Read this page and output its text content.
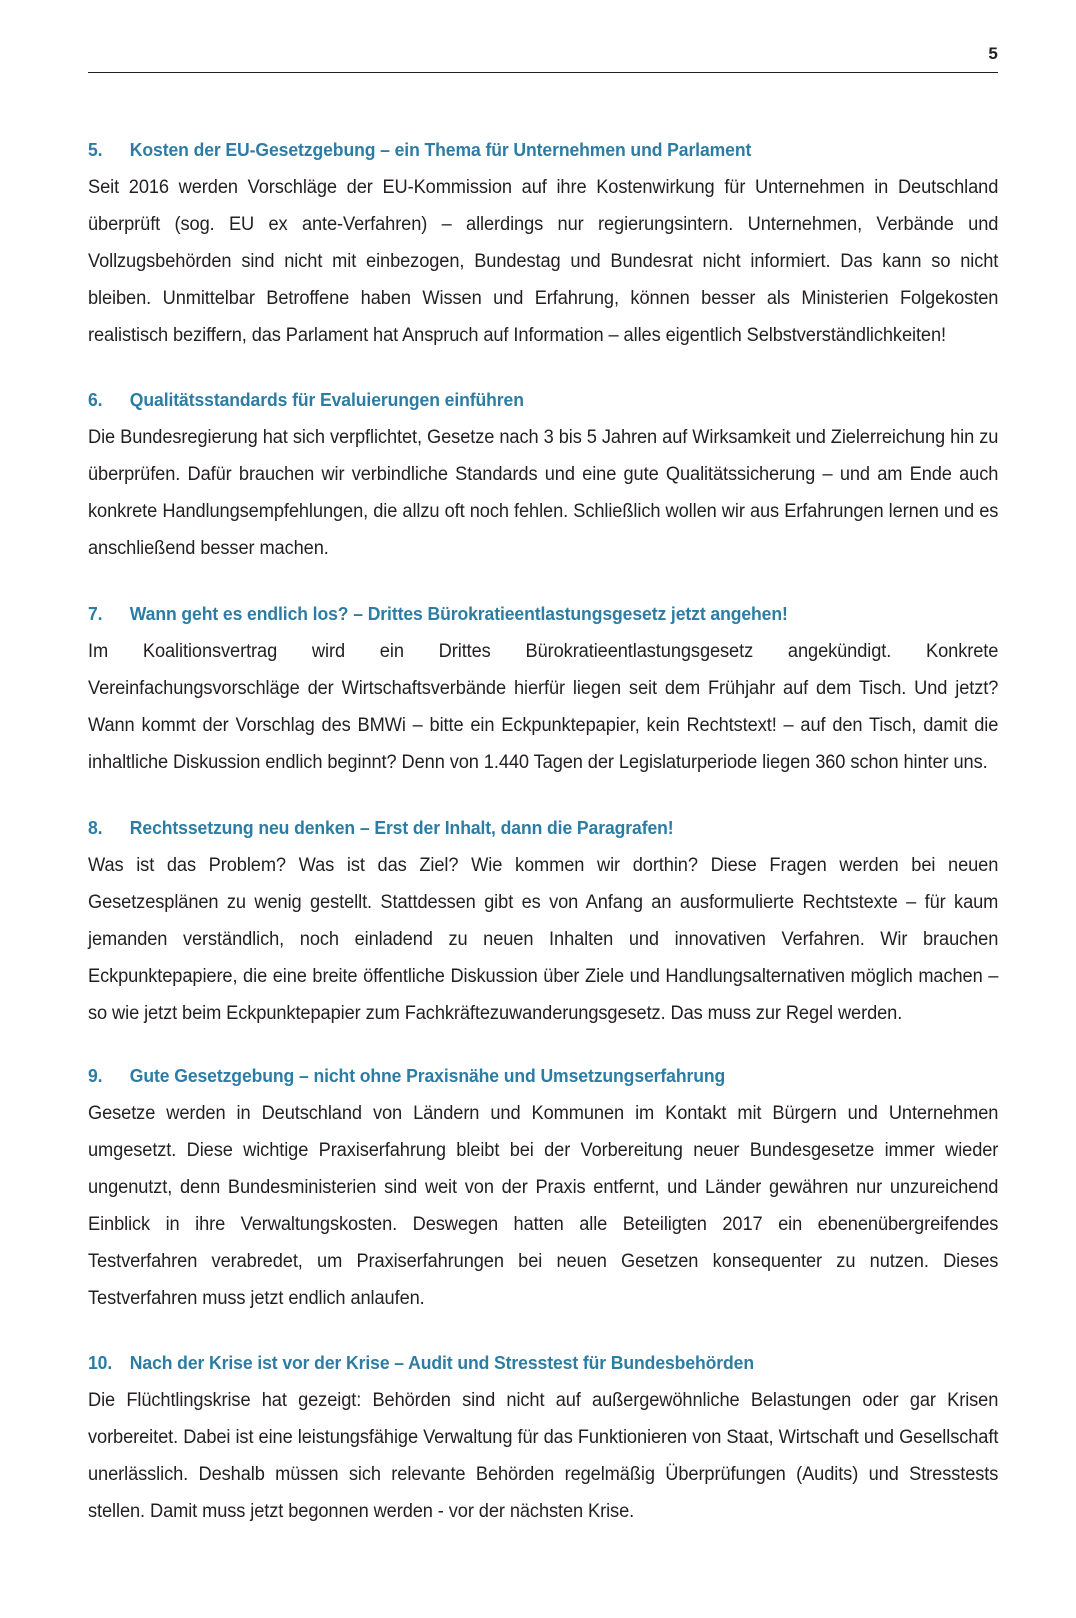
5
5.	Kosten der EU-Gesetzgebung – ein Thema für Unternehmen und Parlament

Seit 2016 werden Vorschläge der EU-Kommission auf ihre Kostenwirkung für Unternehmen in Deutschland überprüft (sog. EU ex ante-Verfahren) – allerdings nur regierungsintern. Unternehmen, Verbände und Vollzugsbehörden sind nicht mit einbezogen, Bundestag und Bundesrat nicht informiert. Das kann so nicht bleiben. Unmittelbar Betroffene haben Wissen und Erfahrung, können besser als Ministerien Folgekosten realistisch beziffern, das Parlament hat Anspruch auf Information – alles eigentlich Selbstverständlichkeiten!

6.	Qualitätsstandards für Evaluierungen einführen

Die Bundesregierung hat sich verpflichtet, Gesetze nach 3 bis 5 Jahren auf Wirksamkeit und Zielerreichung hin zu überprüfen. Dafür brauchen wir verbindliche Standards und eine gute Qualitätssicherung – und am Ende auch konkrete Handlungsempfehlungen, die allzu oft noch fehlen. Schließlich wollen wir aus Erfahrungen lernen und es anschließend besser machen.

7.	Wann geht es endlich los? – Drittes Bürokratieentlastungsgesetz jetzt angehen!

Im Koalitionsvertrag wird ein Drittes Bürokratieentlastungsgesetz angekündigt. Konkrete Vereinfachungsvorschläge der Wirtschaftsverbände hierfür liegen seit dem Frühjahr auf dem Tisch. Und jetzt? Wann kommt der Vorschlag des BMWi – bitte ein Eckpunktepapier, kein Rechtstext! – auf den Tisch, damit die inhaltliche Diskussion endlich beginnt? Denn von 1.440 Tagen der Legislaturperiode liegen 360 schon hinter uns.

8.	Rechtssetzung neu denken – Erst der Inhalt, dann die Paragrafen!

Was ist das Problem? Was ist das Ziel? Wie kommen wir dorthin? Diese Fragen werden bei neuen Gesetzesplänen zu wenig gestellt. Stattdessen gibt es von Anfang an ausformulierte Rechtstexte – für kaum jemanden verständlich, noch einladend zu neuen Inhalten und innovativen Verfahren. Wir brauchen Eckpunktepapiere, die eine breite öffentliche Diskussion über Ziele und Handlungsalternativen möglich machen – so wie jetzt beim Eckpunktepapier zum Fachkräftezuwanderungsgesetz. Das muss zur Regel werden.

9.	Gute Gesetzgebung – nicht ohne Praxisnähe und Umsetzungserfahrung

Gesetze werden in Deutschland von Ländern und Kommunen im Kontakt mit Bürgern und Unternehmen umgesetzt. Diese wichtige Praxiserfahrung bleibt bei der Vorbereitung neuer Bundesgesetze immer wieder ungenutzt, denn Bundesministerien sind weit von der Praxis entfernt, und Länder gewähren nur unzureichend Einblick in ihre Verwaltungskosten. Deswegen hatten alle Beteiligten 2017 ein ebenenübergreifendes Testverfahren verabredet, um Praxiserfahrungen bei neuen Gesetzen konsequenter zu nutzen. Dieses Testverfahren muss jetzt endlich anlaufen.

10. Nach der Krise ist vor der Krise – Audit und Stresstest für Bundesbehörden

Die Flüchtlingskrise hat gezeigt: Behörden sind nicht auf außergewöhnliche Belastungen oder gar Krisen vorbereitet. Dabei ist eine leistungsfähige Verwaltung für das Funktionieren von Staat, Wirtschaft und Gesellschaft unerlässlich. Deshalb müssen sich relevante Behörden regelmäßig Überprüfungen (Audits) und Stresstests stellen. Damit muss jetzt begonnen werden - vor der nächsten Krise.
